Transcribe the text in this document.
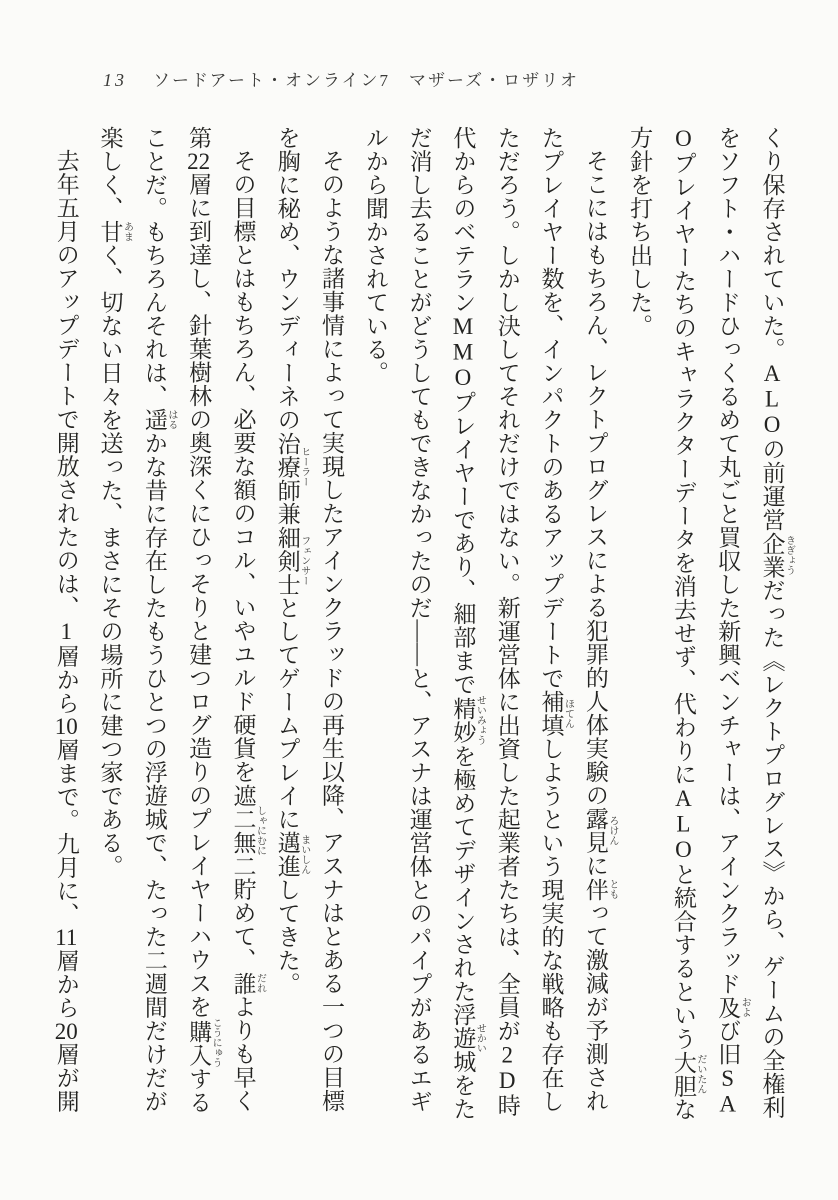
13 ソードアート・オンライン7　マザーズ・ロザリオ

くり保存されていた。ALOの前運営企業 きぎょうだった《レクトプログレス》から、ゲームの全権利

をソフト・ハードひっくるめて丸ごと買収した新興ベンチャーは、アインクラッド及 および旧SA

Oプレイヤーたちのキャラクターデータを消去せず、代わりにALOと統合するという大胆 だいたんな

方針を打ち出した。

そこにはもちろん、レクトプログレスによる犯罪的人体実験の露見 ろけんに伴 ともって激減が予測され

たプレイヤー数を、インパクトのあるアップデートで補填 ほてんしようという現実的な戦略も存在し

ただろう。しかし決してそれだけではない。新運営体に出資した起業者たちは、全員が2D時

代からのベテランMMOプレイヤーであり、細部まで精妙 せいみょうを極めてデザインされた浮遊城 せかいをた

だ消し去ることがどうしてもできなかったのだ――と、アスナは運営体とのパイプがあるエギ

ルから聞かされている。

そのような諸事情によって実現したアインクラッドの再生以降、アスナはとある一つの目標

を胸に秘め、ウンディーネの治療師 ヒーラー兼細剣士 フェンサーとしてゲームプレイに邁進 まいしんしてきた。

その目標とはもちろん、必要な額のコル、いやユルド硬貨を遮二無二 しゃにむに貯めて、誰 だれよりも早く

第22層に到達し、針葉樹林の奥深くにひっそりと建つログ造りのプレイヤーハウスを購入 こうにゅうする

ことだ。もちろんそれは、遥 はるかな昔に存在したもうひとつの浮遊城で、たった二週間だけだが

楽しく、甘 あまく、切ない日々を送った、まさにその場所に建つ家である。

去年五月のアップデートで開放されたのは、1層から10層まで。九月に、11層から20層が開
